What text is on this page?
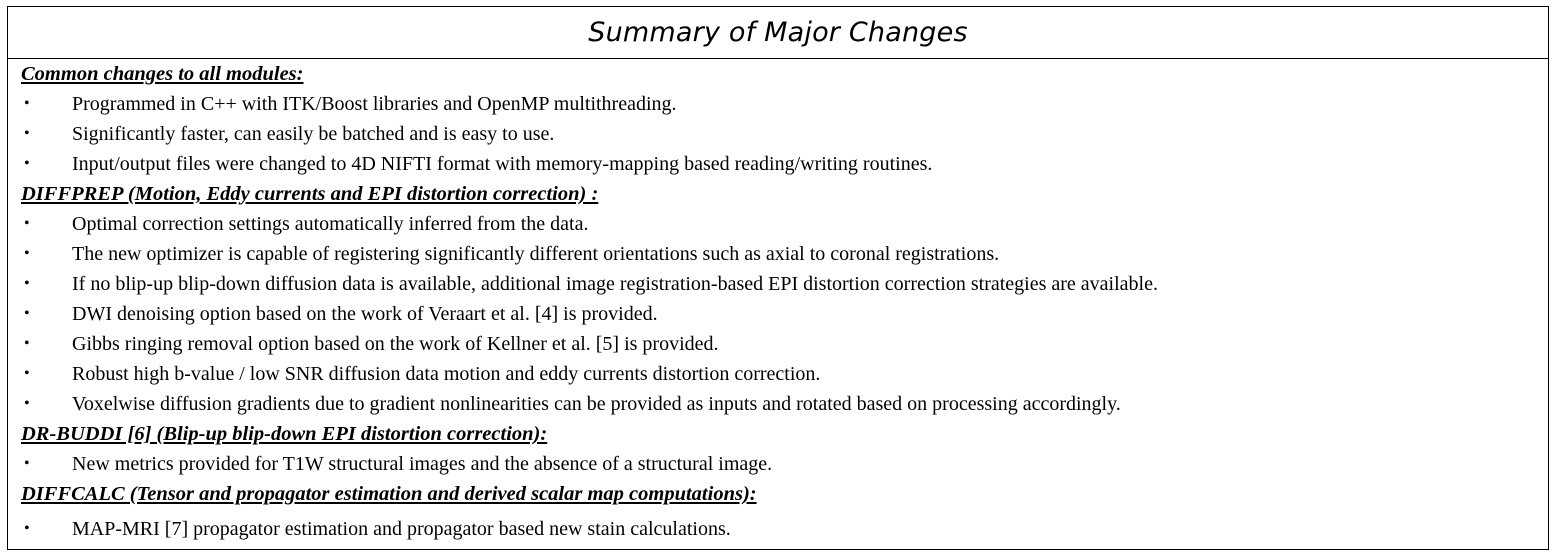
Summary of Major Changes
Common changes to all modules:
• Programmed in C++ with ITK/Boost libraries and OpenMP multithreading.
• Significantly faster, can easily be batched and is easy to use.
• Input/output files were changed to 4D NIFTI format with memory-mapping based reading/writing routines.
DIFFPREP (Motion, Eddy currents and EPI distortion correction) :
• Optimal correction settings automatically inferred from the data.
• The new optimizer is capable of registering significantly different orientations such as axial to coronal registrations.
• If no blip-up blip-down diffusion data is available, additional image registration-based EPI distortion correction strategies are available.
• DWI denoising option based on the work of Veraart et al. [4] is provided.
• Gibbs ringing removal option based on the work of Kellner et al. [5] is provided.
• Robust high b-value / low SNR diffusion data motion and eddy currents distortion correction.
• Voxelwise diffusion gradients due to gradient nonlinearities can be provided as inputs and rotated based on processing accordingly.
DR-BUDDI [6] (Blip-up blip-down EPI distortion correction):
• New metrics provided for T1W structural images and the absence of a structural image.
DIFFCALC (Tensor and propagator estimation and derived scalar map computations):
• MAP-MRI [7] propagator estimation and propagator based new stain calculations.
